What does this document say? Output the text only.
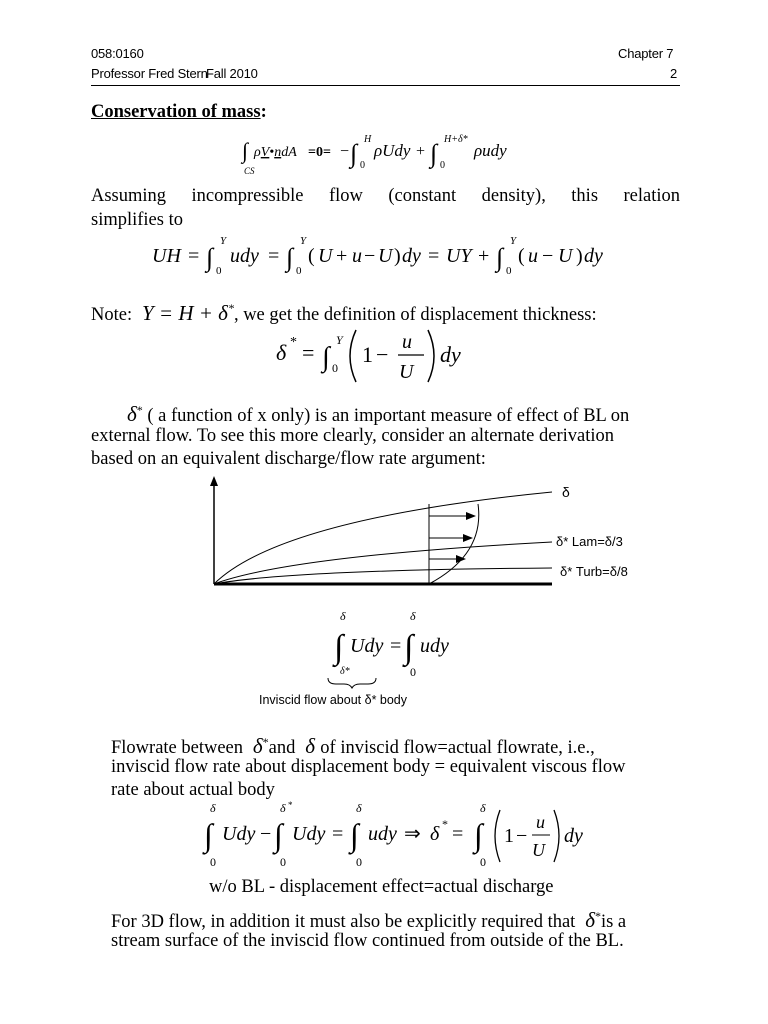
058:0160
Professor Fred Stern
Fall 2010
Chapter 7
2
Conservation of mass:
∫
CS
ρV•ndA =0= − ∫ H
0
ρUdy + ∫ H+δ*
0
ρudy
Assuming incompressible flow (constant density), this relation
simplifies to
UH = ∫
Y
0
udy = ∫
Y
0
( U + u − U ) dy = UY + ∫
Y
0
( u − U ) dy
Note:  Y = H + δ*, we get the definition of displacement thickness:
δ * = ∫
Y
0
1 − u
U
dy
δ* ( a function of x only) is an important measure of effect of BL on
external flow. To see this more clearly, consider an alternate derivation
based on an equivalent discharge/flow rate argument:
δ
δ* Lam=δ/3
δ* Turb=δ/8
δ
∫ Udy =
δ
∫ udy
δ*	0
Inviscid flow about δ* body
Flowrate between  δ*and  δ of inviscid flow=actual flowrate, i.e.,
inviscid flow rate about displacement body = equivalent viscous flow
rate about actual body
δ
∫ Udy −
δ *
∫ Udy =
δ
∫ udy ⇒ δ * =
δ
∫ 1 −
u
U
dy
0	0	0	0
w/o BL - displacement effect=actual discharge
For 3D flow, in addition it must also be explicitly required that  δ*is a
stream surface of the inviscid flow continued from outside of the BL.
